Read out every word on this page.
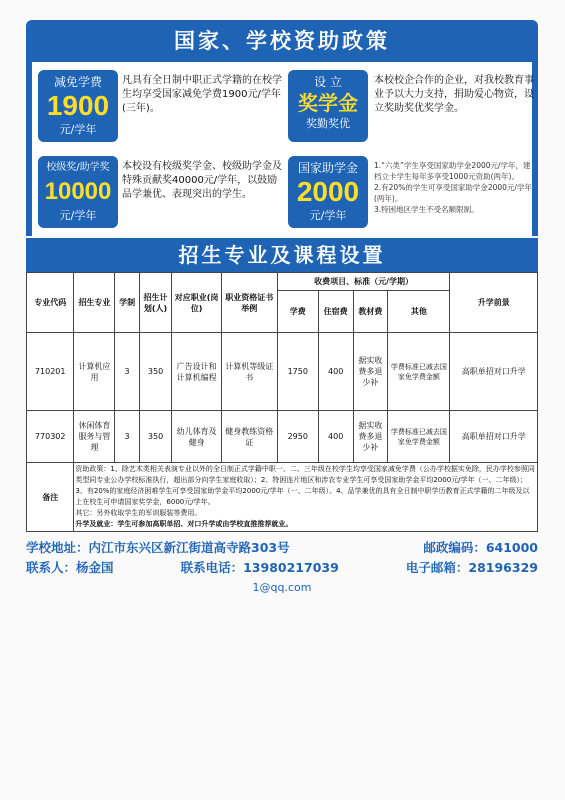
国家、学校资助政策
减免学费
1900
元/学年
凡具有全日制中职正式学籍的在校学生均享受国家减免学费1900元/学年(三年)。
设 立
奖学金
奖勤奖优
本校校企合作的企业，对我校教育事业予以大力支持，捐助爱心物资，设立奖助奖优奖学金。
校级奖/助学奖
10000
元/学年
本校设有校级奖学金、校级助学金及特殊贡献奖40000元/学年，以鼓励品学兼优、表现突出的学生。
国家助学金
2000
元/学年
1.“六类”学生享受国家助学金2000元/学年，建档立卡学生每年多享受1000元资助(两年)。
2.有20%的学生可享受国家助学金2000元/学年(两年)。
3.特困地区学生不受名额限制。
招生专业及课程设置
专业代码	招生专业	学制	招生计划(人)	对应职业(岗位)	职业资格证书举例	收费项目、标准（元/学期）				升学前景
						学费	住宿费	教材费	其他	
710201	计算机应用	3	350	广告设计和计算机编程	计算机等级证书	1750	400	据实收费多退少补	学费标准已减去国家免学费金额	高职单招对口升学
770302	休闲体育服务与管理	3	350	幼儿体育及健身	健身教练资格证	2950	400	据实收费多退少补	学费标准已减去国家免学费金额	高职单招对口升学
备注	资助政策：1、除艺术类相关表演专业以外的全日制正式学籍中职一、二、三年级在校学生均享受国家减免学费（公办学校据实免除，民办学校参照同类型同专业公办学校标准执行，超出部分向学生家庭收取）；2、特困连片地区和涉农专业学生可享受国家助学金平均2000元/学年（一、二年级）；3、有20%的家庭经济困难学生可享受国家助学金平均2000元/学年（一、二年级）。4、品学兼优的具有全日制中职学历教育正式学籍的二年级及以上在校生可申请国家奖学金，6000元/学年。
其它：另外收取学生的军训服装等费用。
升学及就业：学生可参加高职单招、对口升学或由学校直推推荐就业。									
学校地址：内江市东兴区新江街道高寺路303号	邮政编码：641000
联系人：杨金国	联系电话：13980217039	电子邮箱：28196329
1@qq.com
